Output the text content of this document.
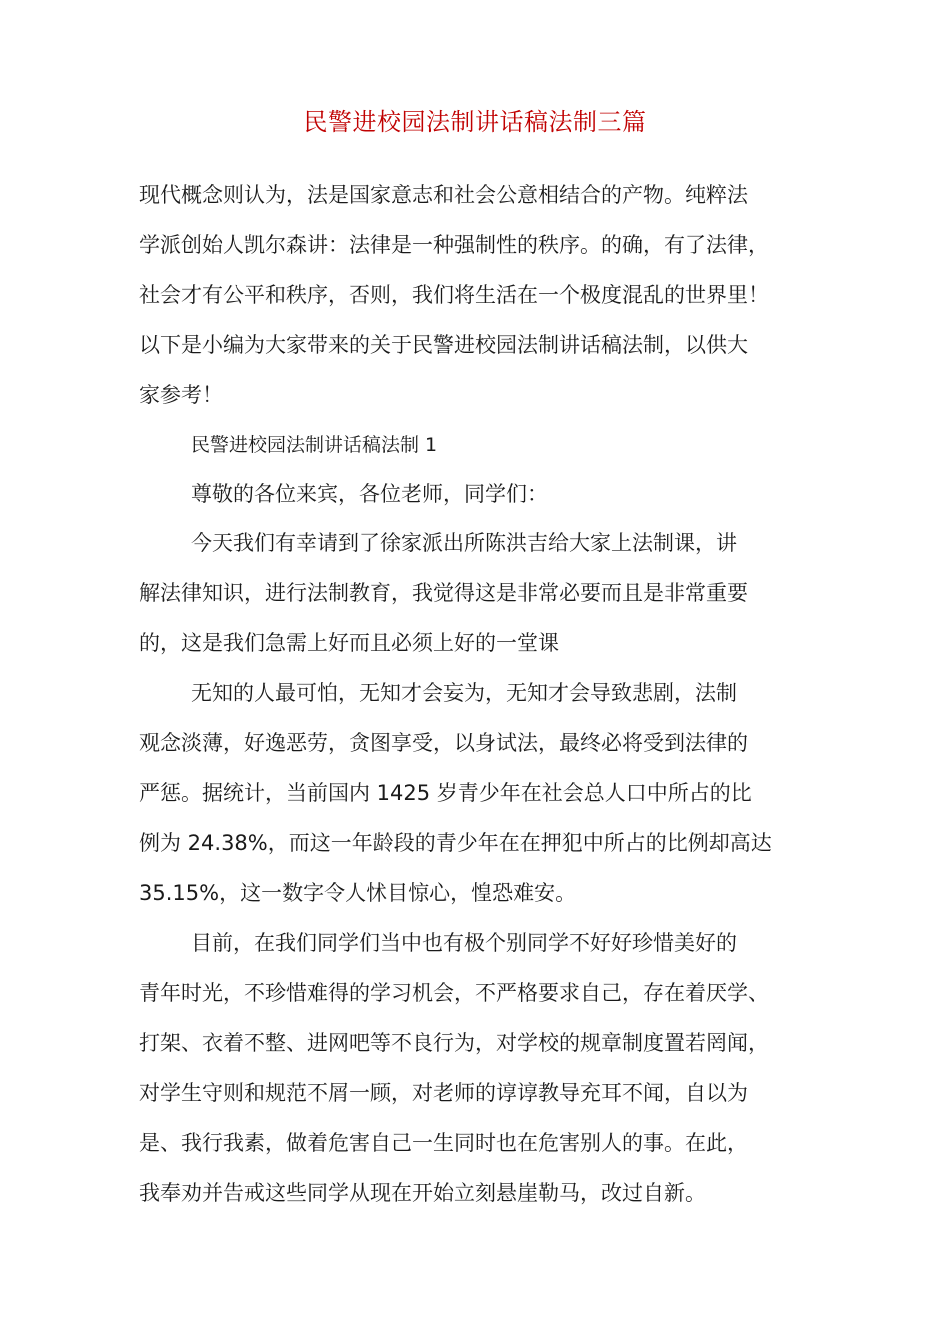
民警进校园法制讲话稿法制三篇
现代概念则认为，法是国家意志和社会公意相结合的产物。纯粹法
学派创始人凯尔森讲：法律是一种强制性的秩序。的确，有了法律，
社会才有公平和秩序，否则，我们将生活在一个极度混乱的世界里！
以下是小编为大家带来的关于民警进校园法制讲话稿法制，以供大
家参考！
民警进校园法制讲话稿法制 1
尊敬的各位来宾，各位老师，同学们：
今天我们有幸请到了徐家派出所陈洪吉给大家上法制课，讲
解法律知识，进行法制教育，我觉得这是非常必要而且是非常重要
的，这是我们急需上好而且必须上好的一堂课
无知的人最可怕，无知才会妄为，无知才会导致悲剧，法制
观念淡薄，好逸恶劳，贪图享受，以身试法，最终必将受到法律的
严惩。据统计，当前国内 1425 岁青少年在社会总人口中所占的比
例为 24.38%，而这一年龄段的青少年在在押犯中所占的比例却高达
35.15%，这一数字令人怵目惊心，惶恐难安。
目前，在我们同学们当中也有极个别同学不好好珍惜美好的
青年时光，不珍惜难得的学习机会，不严格要求自己，存在着厌学、
打架、衣着不整、进网吧等不良行为，对学校的规章制度置若罔闻，
对学生守则和规范不屑一顾，对老师的谆谆教导充耳不闻，自以为
是、我行我素，做着危害自己一生同时也在危害别人的事。在此，
我奉劝并告戒这些同学从现在开始立刻悬崖勒马，改过自新。
